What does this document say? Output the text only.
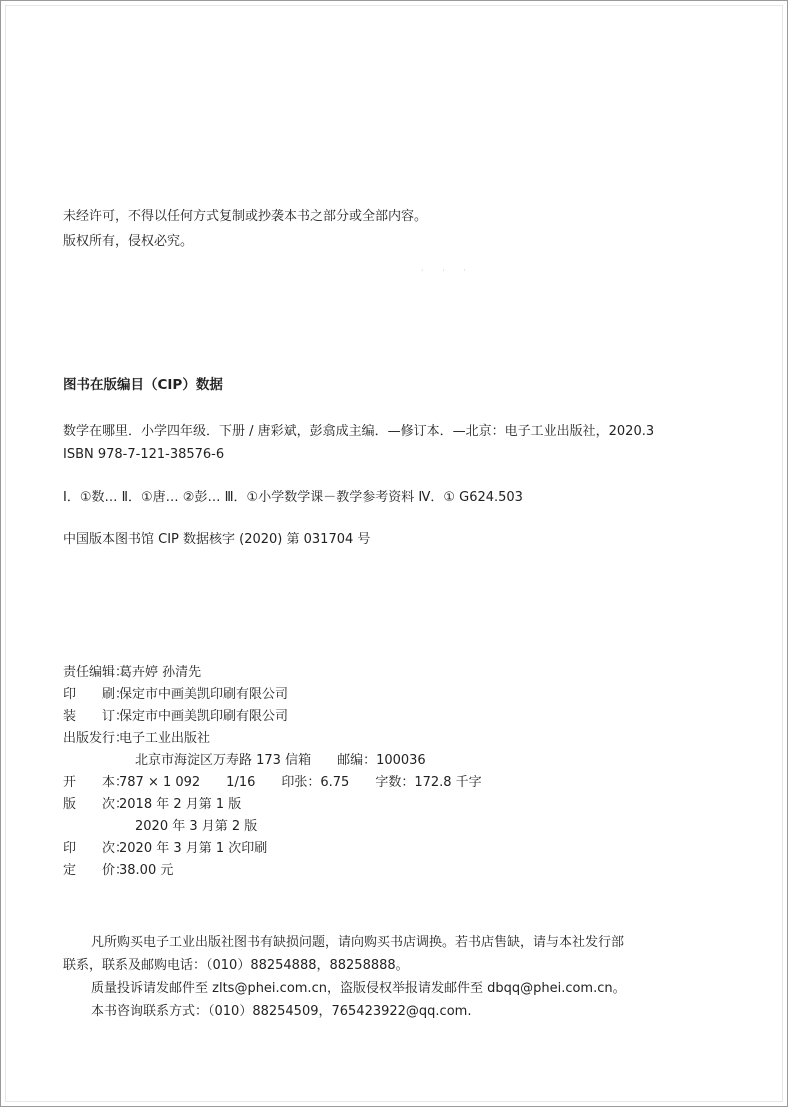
未经许可，不得以任何方式复制或抄袭本书之部分或全部内容。
版权所有，侵权必究。
· · ·
图书在版编目（CIP）数据
数学在哪里．小学四年级．下册 / 唐彩斌，彭翕成主编．—修订本．—北京：电子工业出版社，2020.3
ISBN 978-7-121-38576-6
Ⅰ．①数… Ⅱ．①唐… ②彭… Ⅲ．①小学数学课－教学参考资料 Ⅳ．① G624.503
中国版本图书馆 CIP 数据核字 (2020) 第 031704 号
责任编辑：葛卉婷 孙清先
印　　刷：保定市中画美凯印刷有限公司
装　　订：保定市中画美凯印刷有限公司
出版发行：电子工业出版社
北京市海淀区万寿路 173 信箱　　邮编：100036
开　　本：787 × 1 092　　1/16　　印张：6.75　　字数：172.8 千字
版　　次：2018 年 2 月第 1 版
2020 年 3 月第 2 版
印　　次：2020 年 3 月第 1 次印刷
定　　价：38.00 元
凡所购买电子工业出版社图书有缺损问题，请向购买书店调换。若书店售缺，请与本社发行部
联系，联系及邮购电话：（010）88254888，88258888。
质量投诉请发邮件至 zlts@phei.com.cn，盗版侵权举报请发邮件至 dbqq@phei.com.cn。
本书咨询联系方式：（010）88254509，765423922@qq.com.
